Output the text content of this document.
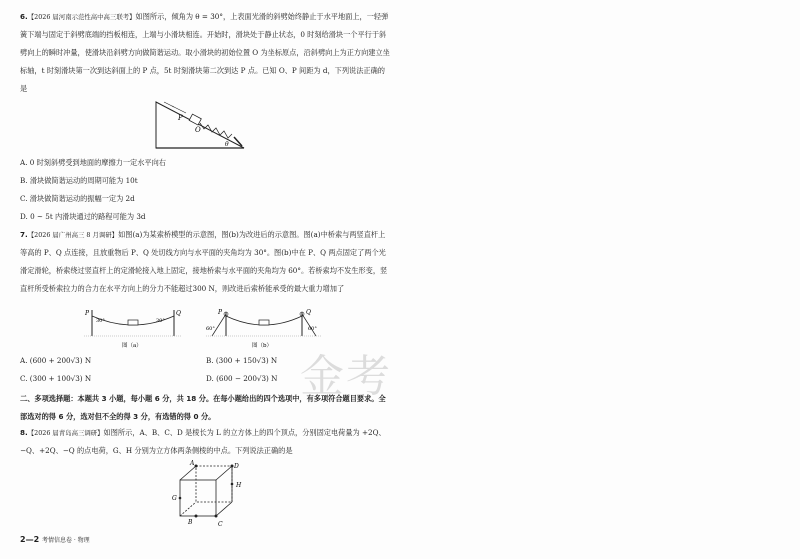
6.【2026 届河南示范性高中高三联考】如图所示，倾角为 θ = 30°，上表面光滑的斜劈始终静止于水平地面上，一轻弹簧下端与固定于斜劈底端的挡板相连，上端与小滑块相连。开始时，滑块处于静止状态，0 时刻给滑块一个平行于斜劈向上的瞬时冲量，使滑块沿斜劈方向做简谐运动。取小滑块的初始位置 O 为坐标原点，沿斜劈向上为正方向建立坐标轴，t 时刻滑块第一次到达斜面上的 P 点，5t 时刻滑块第二次到达 P 点。已知 O、P 间距为 d，下列说法正确的是

P
O
θ

A. 0 时刻斜劈受到地面的摩擦力一定水平向右

B. 滑块做简谐运动的周期可能为 10t

C. 滑块做简谐运动的振幅一定为 2d

D. 0 ~ 5t 内滑块通过的路程可能为 3d

7.【2026 届广州高三 8 月调研】如图(a)为某索桥模型的示意图，图(b)为改进后的示意图。图(a)中桥索与两竖直杆上等高的 P、Q 点连接，且放重物后 P、Q 处切线方向与水平面的夹角均为 30°。图(b)中在 P、Q 两点固定了两个光滑定滑轮，桥索绕过竖直杆上的定滑轮接入地上固定，接地桥索与水平面的夹角均为 60°。若桥索均不发生形变，竖直杆所受桥索拉力的合力在水平方向上的分力不能超过300 N，则改进后索桥能承受的最大重力增加了

P	Q
30°	30°
图（a）
P	Q
60°	60°
图（b）

A. (600 + 200√3) N	B. (300 + 150√3) N

C. (300 + 100√3) N	D. (600 − 200√3) N

二、多项选择题：本题共 3 小题，每小题 6 分，共 18 分。在每小题给出的四个选项中，有多项符合题目要求。全部选对的得 6 分，选对但不全的得 3 分，有选错的得 0 分。

8.【2026 届青岛高三调研】如图所示，A、B、C、D 是棱长为 L 的立方体上的四个顶点，分别固定电荷量为 +2Q、−Q、+2Q、−Q 的点电荷，G、H 分别为立方体两条侧棱的中点。下列说法正确的是

A
B	C
D
G
H
金考
2—2 考情信息卷 · 物理
